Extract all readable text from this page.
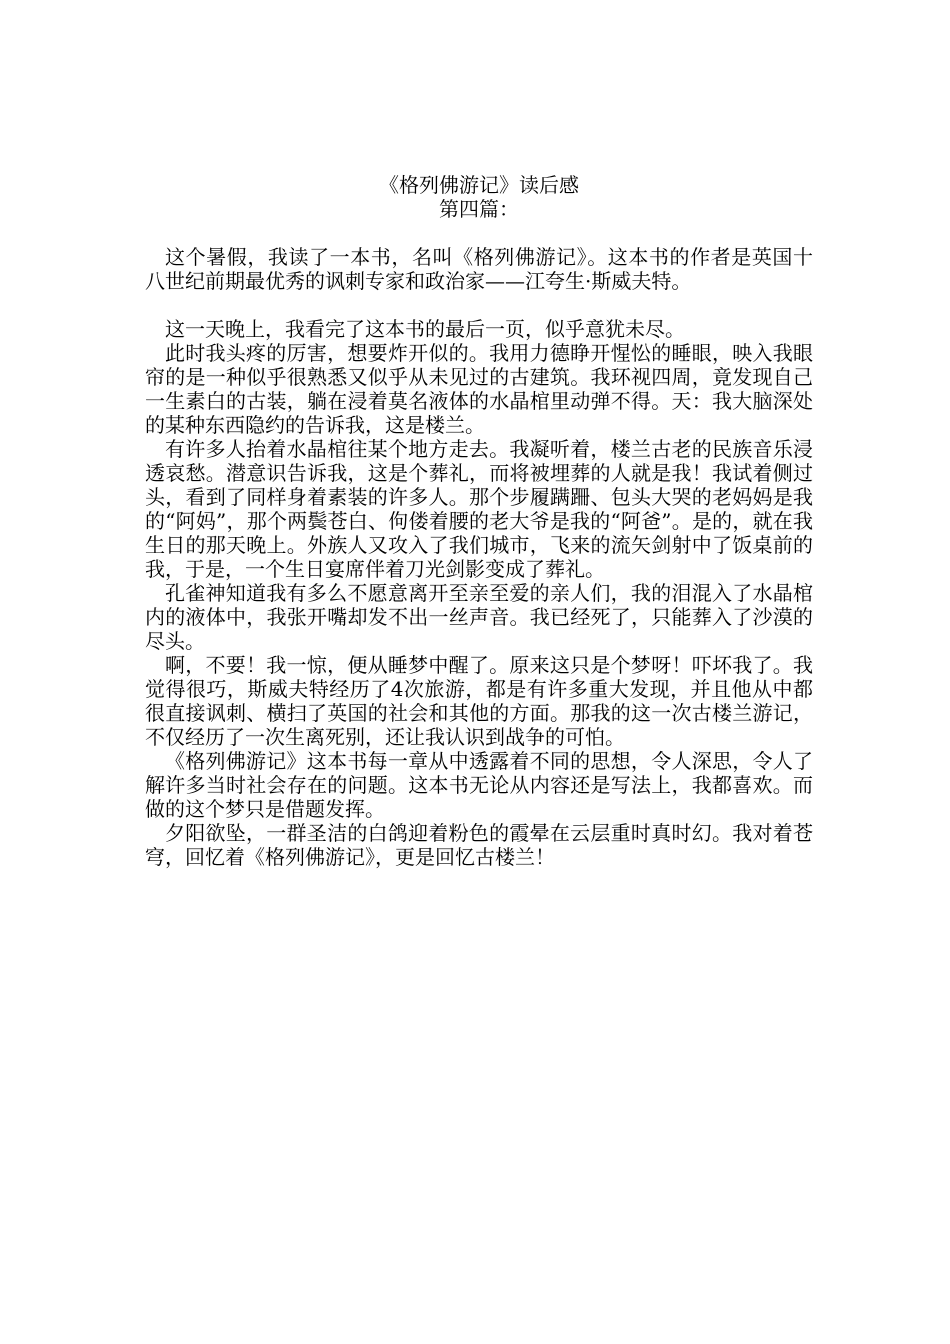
《格列佛游记》读后感

第四篇：

这个暑假，我读了一本书，名叫《格列佛游记》。这本书的作者是英国十八世纪前期最优秀的讽刺专家和政治家——江夸生·斯威夫特。

这一天晚上，我看完了这本书的最后一页，似乎意犹未尽。

此时我头疼的厉害，想要炸开似的。我用力德睁开惺忪的睡眼，映入我眼帘的是一种似乎很熟悉又似乎从未见过的古建筑。我环视四周，竟发现自己一生素白的古装，躺在浸着莫名液体的水晶棺里动弹不得。天：我大脑深处的某种东西隐约的告诉我，这是楼兰。

有许多人抬着水晶棺往某个地方走去。我凝听着，楼兰古老的民族音乐浸透哀愁。潜意识告诉我，这是个葬礼，而将被埋葬的人就是我！我试着侧过头，看到了同样身着素装的许多人。那个步履蹒跚、包头大哭的老妈妈是我的“阿妈”，那个两鬓苍白、佝偻着腰的老大爷是我的“阿爸”。是的，就在我生日的那天晚上。外族人又攻入了我们城市，飞来的流矢剑射中了饭桌前的我，于是，一个生日宴席伴着刀光剑影变成了葬礼。

孔雀神知道我有多么不愿意离开至亲至爱的亲人们，我的泪混入了水晶棺内的液体中，我张开嘴却发不出一丝声音。我已经死了，只能葬入了沙漠的尽头。

啊，不要！我一惊，便从睡梦中醒了。原来这只是个梦呀！吓坏我了。我觉得很巧，斯威夫特经历了4次旅游，都是有许多重大发现，并且他从中都很直接讽刺、横扫了英国的社会和其他的方面。那我的这一次古楼兰游记，不仅经历了一次生离死别，还让我认识到战争的可怕。

《格列佛游记》这本书每一章从中透露着不同的思想，令人深思，令人了解许多当时社会存在的问题。这本书无论从内容还是写法上，我都喜欢。而做的这个梦只是借题发挥。

夕阳欲坠，一群圣洁的白鸽迎着粉色的霞晕在云层重时真时幻。我对着苍穹，回忆着《格列佛游记》，更是回忆古楼兰！
